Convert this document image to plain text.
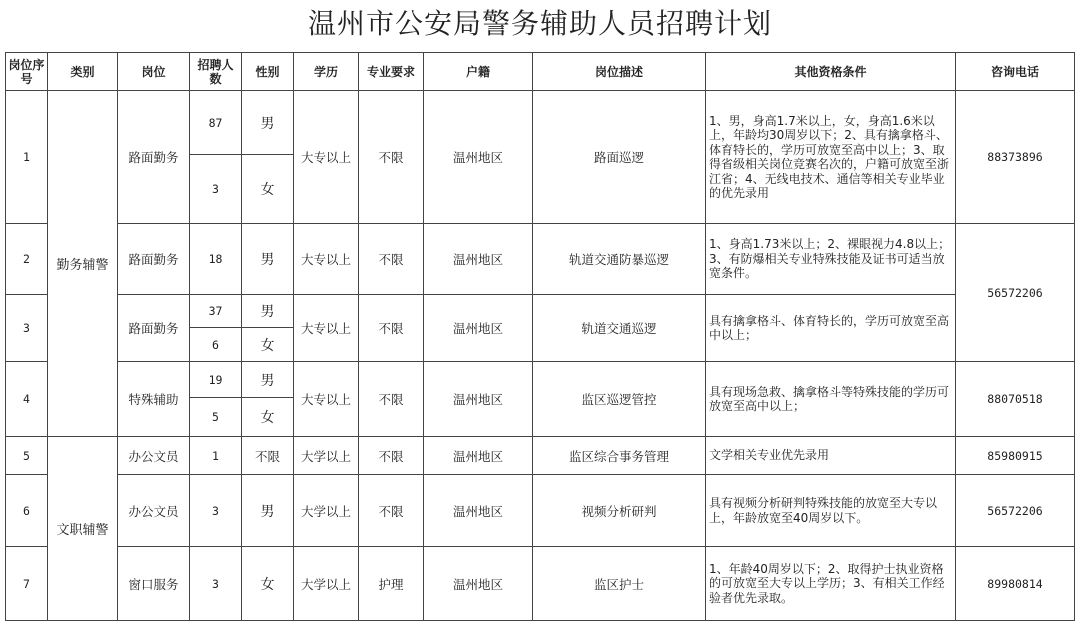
温州市公安局警务辅助人员招聘计划
岗位序号	类别	岗位	招聘人数	性别	学历	专业要求	户籍	岗位描述	其他资格条件	咨询电话
1	勤务辅警	路面勤务	87	男	大专以上	不限	温州地区	路面巡逻	1、男，身高1.7米以上，女，身高1.6米以上，年龄均30周岁以下；2、具有擒拿格斗、体育特长的，学历可放宽至高中以上；3、取得省级相关岗位竞赛名次的，户籍可放宽至浙江省；4、无线电技术、通信等相关专业毕业的优先录用	88373896
			3	女						
2		路面勤务	18	男	大专以上	不限	温州地区	轨道交通防暴巡逻	1、身高1.73米以上；2、裸眼视力4.8以上；3、有防爆相关专业特殊技能及证书可适当放宽条件。	56572206
3		路面勤务	37	男	大专以上	不限	温州地区	轨道交通巡逻	具有擒拿格斗、体育特长的，学历可放宽至高中以上；	
			6	女						
4		特殊辅助	19	男	大专以上	不限	温州地区	监区巡逻管控	具有现场急救、擒拿格斗等特殊技能的学历可放宽至高中以上；	88070518
			5	女						
5	文职辅警	办公文员	1	不限	大学以上	不限	温州地区	监区综合事务管理	文学相关专业优先录用	85980915
6		办公文员	3	男	大学以上	不限	温州地区	视频分析研判	具有视频分析研判特殊技能的放宽至大专以上，年龄放宽至40周岁以下。	56572206
7		窗口服务	3	女	大学以上	护理	温州地区	监区护士	1、年龄40周岁以下；2、取得护士执业资格的可放宽至大专以上学历；3、有相关工作经验者优先录取。	89980814
